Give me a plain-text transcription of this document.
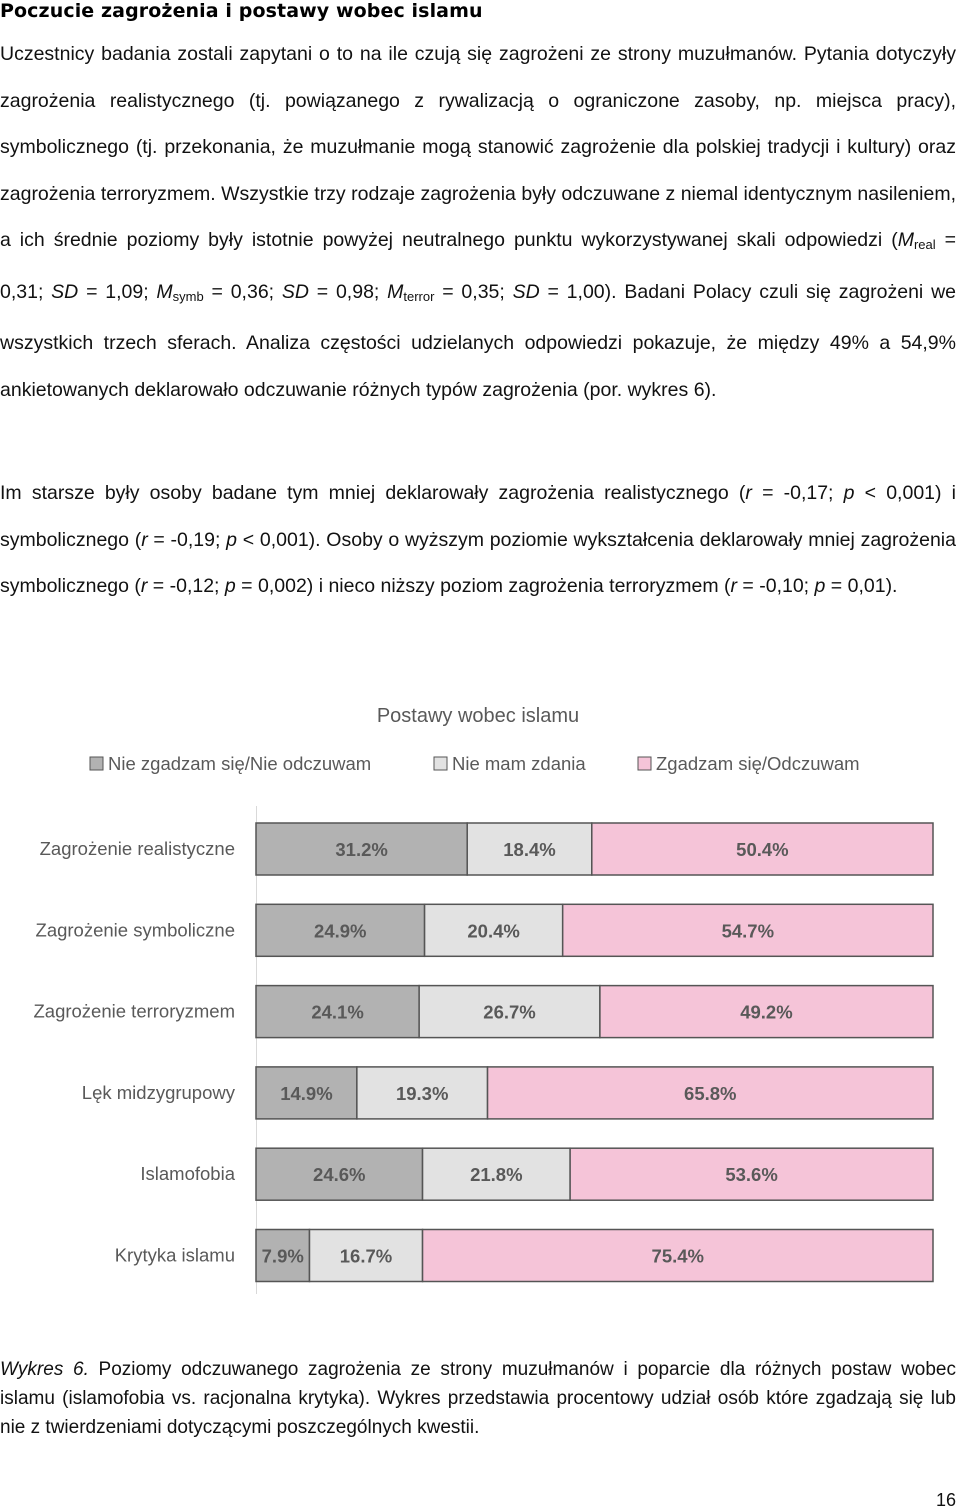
Poczucie zagrożenia i postawy wobec islamu
Uczestnicy badania zostali zapytani o to na ile czują się zagrożeni ze strony muzułmanów. Pytania dotyczyły zagrożenia realistycznego (tj. powiązanego z rywalizacją o ograniczone zasoby, np. miejsca pracy), symbolicznego (tj. przekonania, że muzułmanie mogą stanowić zagrożenie dla polskiej tradycji i kultury) oraz zagrożenia terroryzmem. Wszystkie trzy rodzaje zagrożenia były odczuwane z niemal identycznym nasileniem, a ich średnie poziomy były istotnie powyżej neutralnego punktu wykorzystywanej skali odpowiedzi ($M_{real} = 0,31$; SD = 1,09; $M_{symb} = 0,36$; SD = 0,98; $M_{terror} = 0,35$; SD = 1,00). Badani Polacy czuli się zagrożeni we wszystkich trzech sferach. Analiza częstości udzielanych odpowiedzi pokazuje, że między 49% a 54,9% ankietowanych deklarowało odczuwanie różnych typów zagrożenia (por. wykres 6).
Im starsze były osoby badane tym mniej deklarowały zagrożenia realistycznego (r = -0,17; p < 0,001) i symbolicznego (r = -0,19; p < 0,001). Osoby o wyższym poziomie wykształcenia deklarowały mniej zagrożenia symbolicznego (r = -0,12; p = 0,002) i nieco niższy poziom zagrożenia terroryzmem (r = -0,10; p = 0,01).
Postawy wobec islamu
Nie zgadzam się/Nie odczuwam	Nie mam zdania	Zgadzam się/Odczuwam
Zagrożenie realistyczne	31.2%	18.4%	50.4%
Zagrożenie symboliczne	24.9%	20.4%	54.7%
Zagrożenie terroryzmem	24.1%	26.7%	49.2%
Lęk midzygrupowy 14.9%	19.3%	65.8%
Islamofobia	24.6%	21.8%	53.6%
Krytyka islamu 7.9% 16.7%	75.4%
Wykres 6. Poziomy odczuwanego zagrożenia ze strony muzułmanów i poparcie dla różnych postaw wobec islamu (islamofobia vs. racjonalna krytyka). Wykres przedstawia procentowy udział osób które zgadzają się lub nie z twierdzeniami dotyczącymi poszczególnych kwestii.
16
